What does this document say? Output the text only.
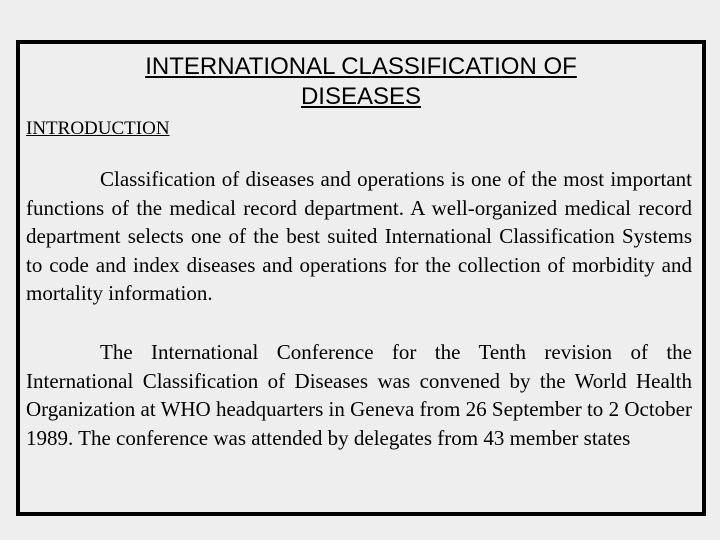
INTERNATIONAL CLASSIFICATION OF
DISEASES
INTRODUCTION

Classification of diseases and operations is one of the most important functions of the medical record department. A well-organized medical record department selects one of the best suited International Classification Systems to code and index diseases and operations for the collection of morbidity and mortality information.

The International Conference for the Tenth revision of the International Classification of Diseases was convened by the World Health Organization at WHO headquarters in Geneva from 26 September to 2 October 1989. The conference was attended by delegates from 43 member states
